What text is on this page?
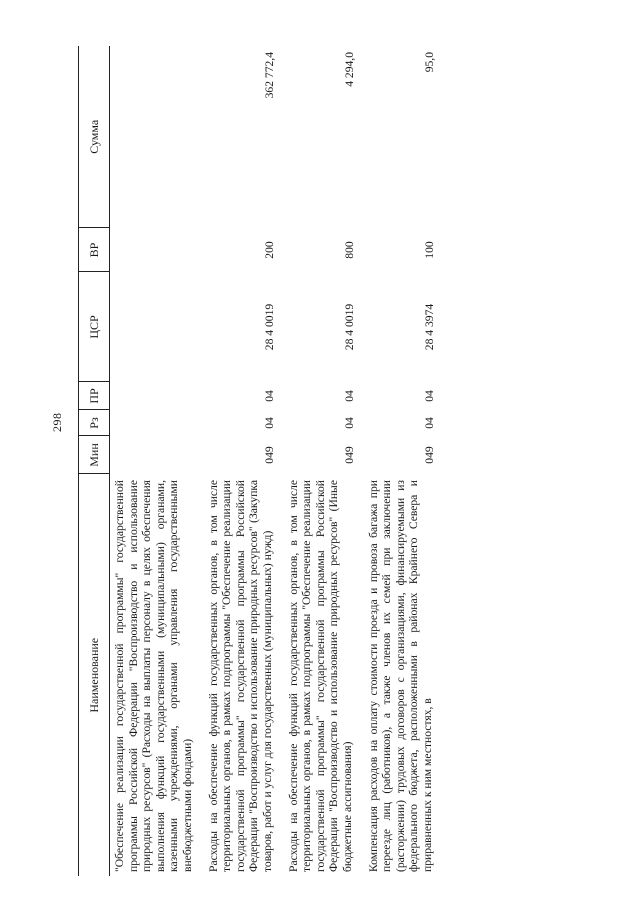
298
Наименование	Мин	Рз	ПР	ЦСР	ВР	Сумма
"Обеспечение реализации государственной программы" государственной программы Российской Федерации "Воспроизводство и использование природных ресурсов" (Расходы на выплаты персоналу в целях обеспечения выполнения функций государственными (муниципальными) органами, казенными учреждениями, органами управления государственными внебюджетными фондами)						
Расходы на обеспечение функций государственных органов, в том числе территориальных органов, в рамках подпрограммы "Обеспечение реализации государственной программы" государственной программы Российской Федерации "Воспроизводство и использование природных ресурсов" (Закупка товаров, работ и услуг для государственных (муниципальных) нужд)	049	04	04	28 4 0019	200	362 772,4
Расходы на обеспечение функций государственных органов, в том числе территориальных органов, в рамках подпрограммы "Обеспечение реализации государственной программы" государственной программы Российской Федерации "Воспроизводство и использование природных ресурсов" (Иные бюджетные ассигнования)	049	04	04	28 4 0019	800	4 294,0
Компенсация расходов на оплату стоимости проезда и провоза багажа при переезде лиц (работников), а также членов их семей при заключении (расторжении) трудовых договоров с организациями, финансируемыми из федерального бюджета, расположенными в районах Крайнего Севера и приравненных к ним местностях, в	049	04	04	28 4 3974	100	95,0
